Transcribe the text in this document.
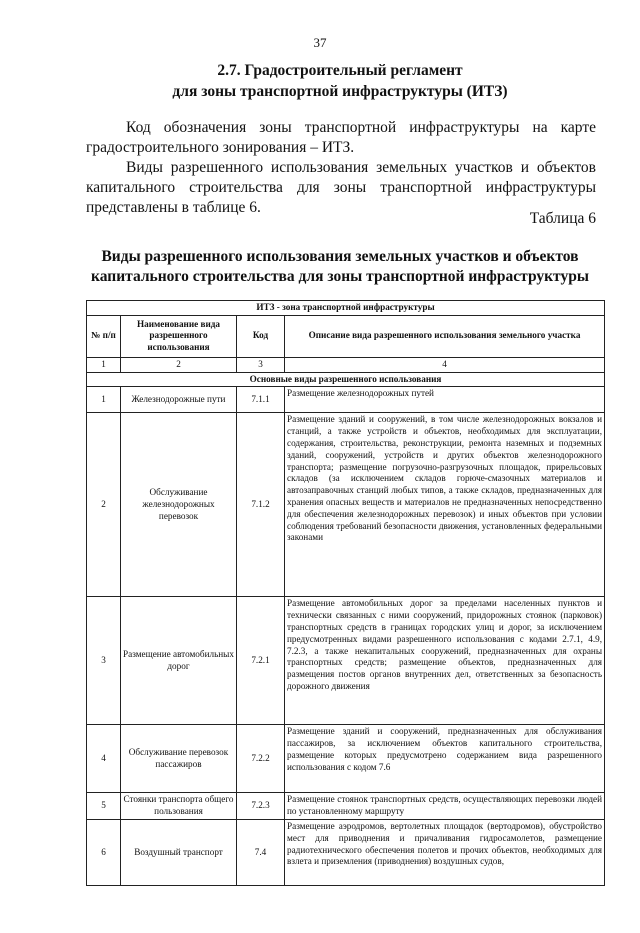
37
2.7. Градостроительный регламент
для зоны транспортной инфраструктуры (ИТЗ)
Код обозначения зоны транспортной инфраструктуры на карте градостроительного зонирования – ИТЗ.
Виды разрешенного использования земельных участков и объектов капитального строительства для зоны транспортной инфраструктуры представлены в таблице 6.
Таблица 6
Виды разрешенного использования земельных участков и объектов
капитального строительства для зоны транспортной инфраструктуры
ИТЗ - зона транспортной инфраструктуры			
№ п/п	Наименование вида разрешенного использования	Код	Описание вида разрешенного использования земельного участка
1	2	3	4
Основные виды разрешенного использования			
1	Железнодорожные пути	7.1.1	Размещение железнодорожных путей
2	Обслуживание железнодорожных перевозок	7.1.2	Размещение зданий и сооружений, в том числе железнодорожных вокзалов и станций, а также устройств и объектов, необходимых для эксплуатации, содержания, строительства, реконструкции, ремонта наземных и подземных зданий, сооружений, устройств и других объектов железнодорожного транспорта; размещение погрузочно-разгрузочных площадок, прирельсовых складов (за исключением складов горюче-смазочных материалов и автозаправочных станций любых типов, а также складов, предназначенных для хранения опасных веществ и материалов не предназначенных непосредственно для обеспечения железнодорожных перевозок) и иных объектов при условии соблюдения требований безопасности движения, установленных федеральными законами
3	Размещение автомобильных дорог	7.2.1	Размещение автомобильных дорог за пределами населенных пунктов и технически связанных с ними сооружений, придорожных стоянок (парковок) транспортных средств в границах городских улиц и дорог, за исключением предусмотренных видами разрешенного использования с кодами 2.7.1, 4.9, 7.2.3, а также некапитальных сооружений, предназначенных для охраны транспортных средств; размещение объектов, предназначенных для размещения постов органов внутренних дел, ответственных за безопасность дорожного движения
4	Обслуживание перевозок пассажиров	7.2.2	Размещение зданий и сооружений, предназначенных для обслуживания пассажиров, за исключением объектов капитального строительства, размещение которых предусмотрено содержанием вида разрешенного использования с кодом 7.6
5	Стоянки транспорта общего пользования	7.2.3	Размещение стоянок транспортных средств, осуществляющих перевозки людей по установленному маршруту
6	Воздушный транспорт	7.4	Размещение аэродромов, вертолетных площадок (вертодромов), обустройство мест для приводнения и причаливания гидросамолетов, размещение радиотехнического обеспечения полетов и прочих объектов, необходимых для взлета и приземления (приводнения) воздушных судов,
